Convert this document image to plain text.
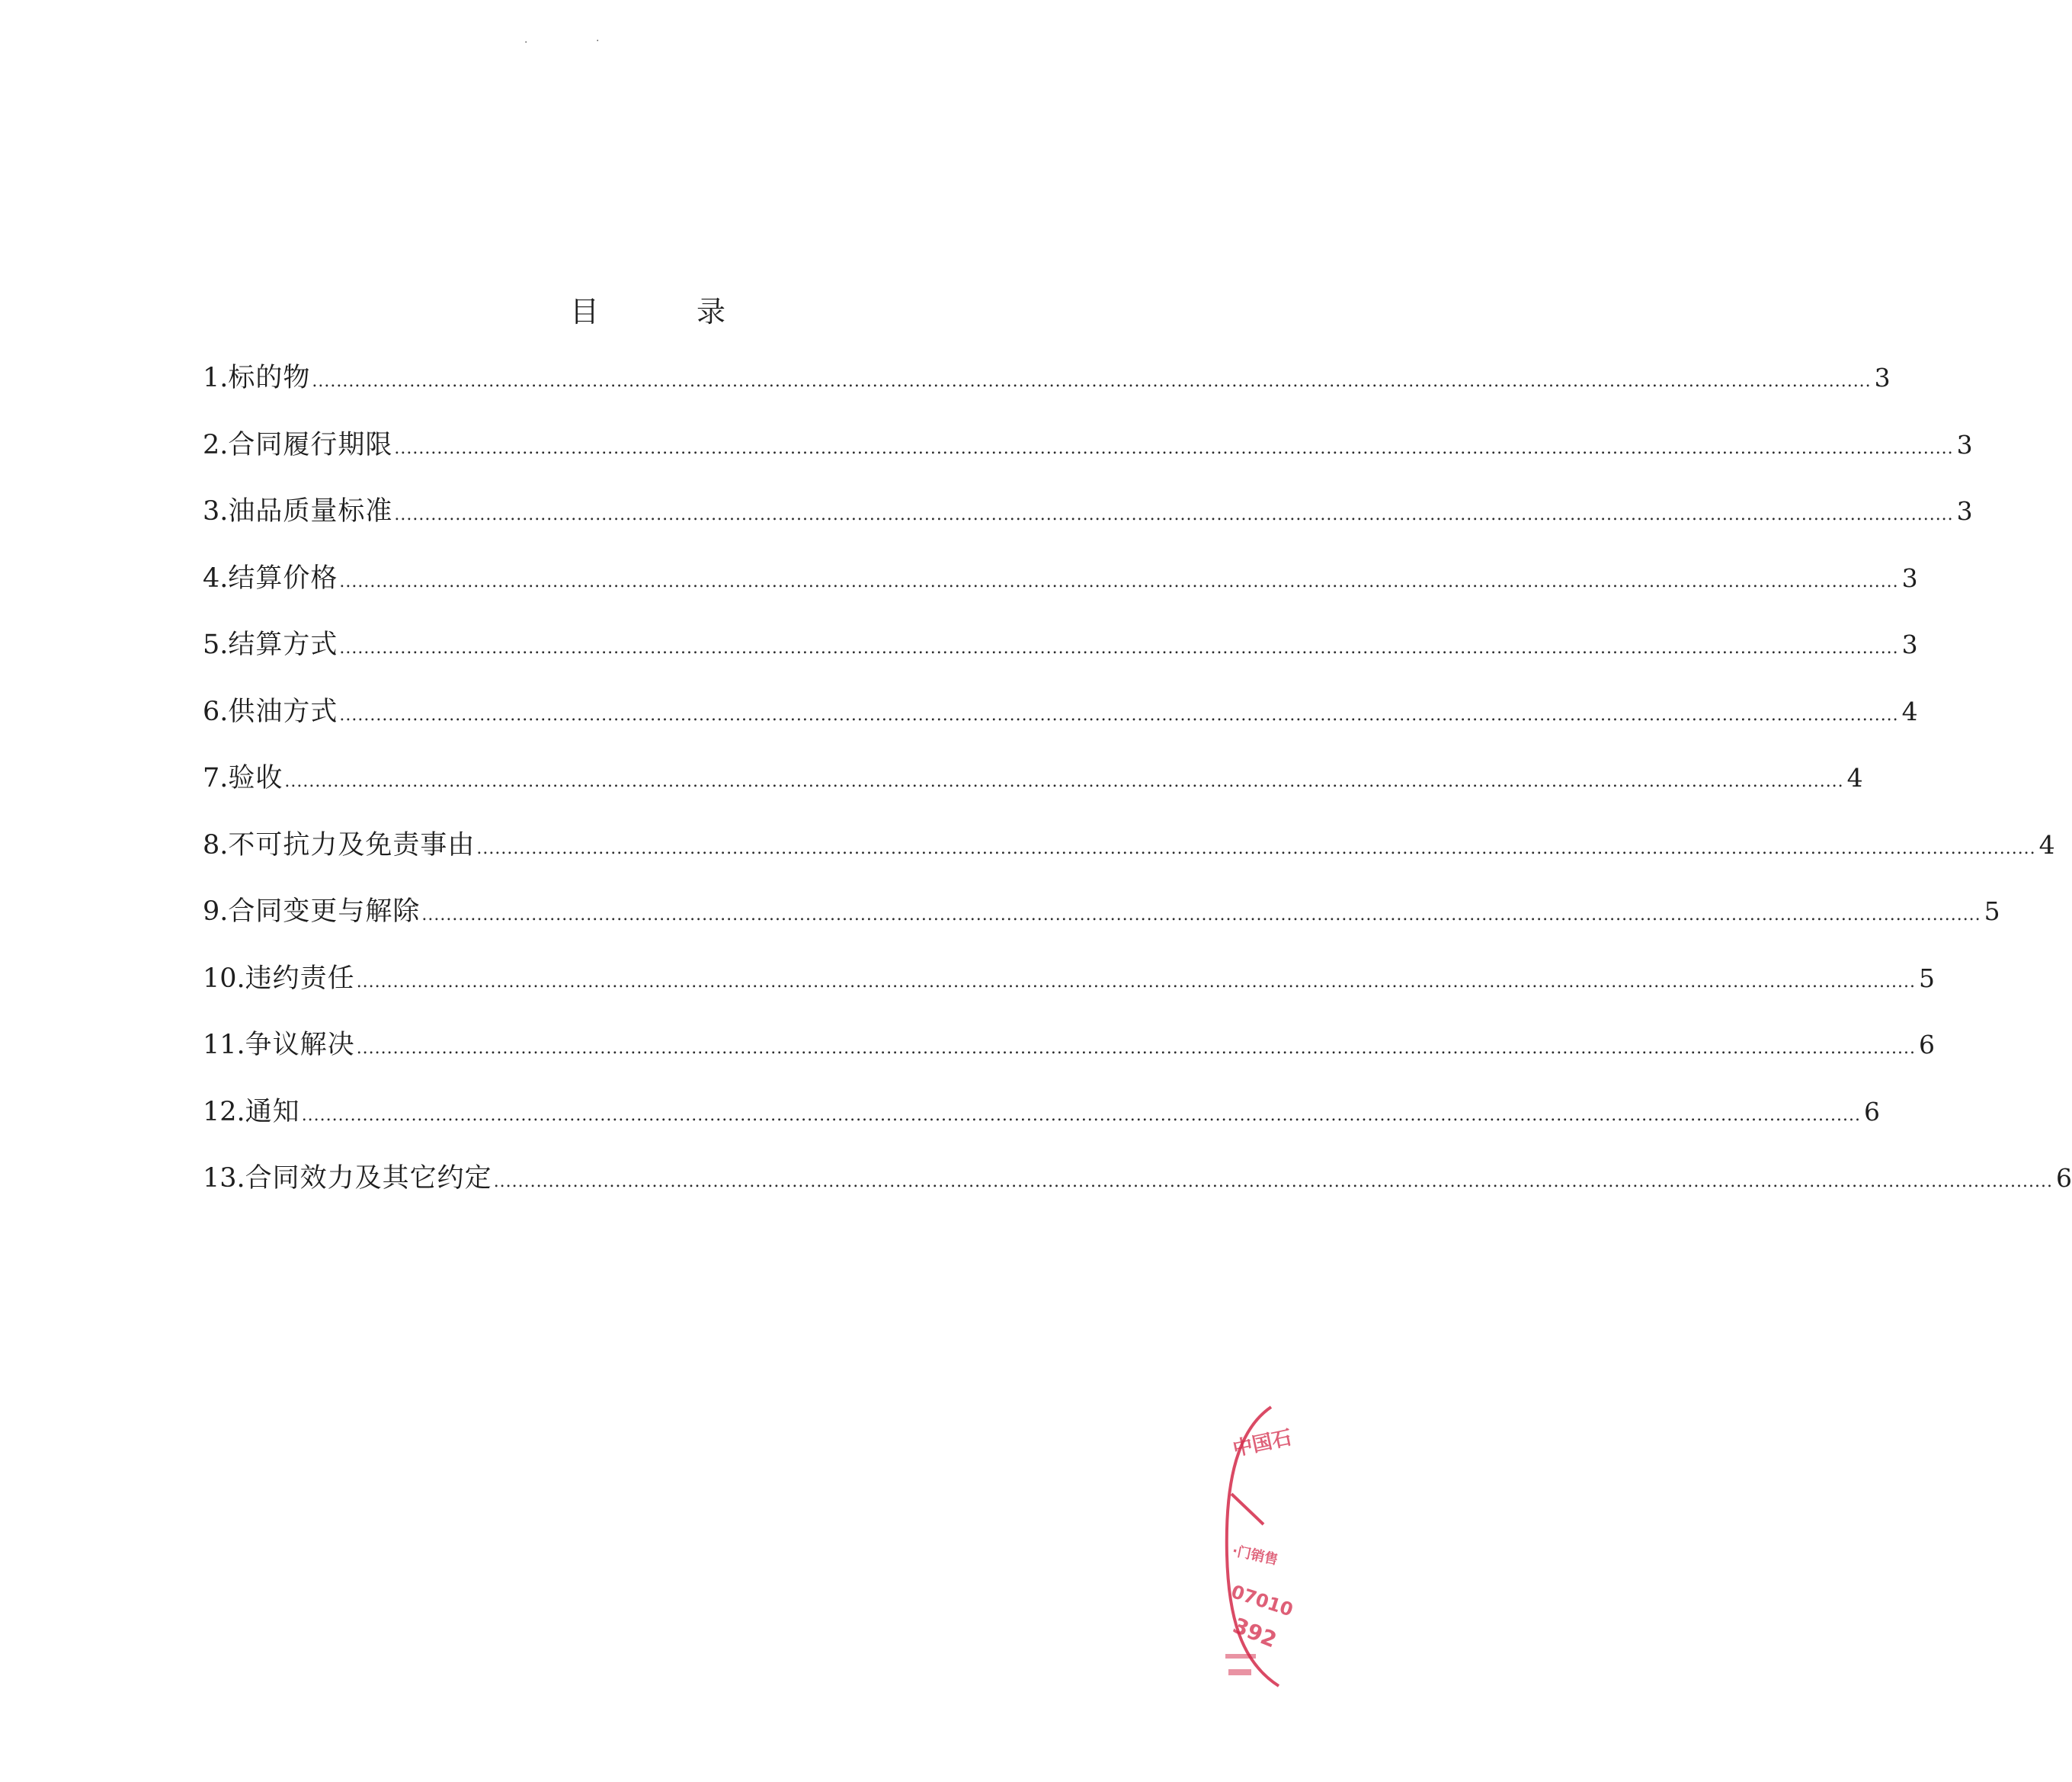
·	·
目 录
1. 标的物 .....	3
2. 合同履行期限 .....	3
3. 油品质量标准 .....	3
4. 结算价格 .....	3
5. 结算方式 .....	3
6. 供油方式 .....	4
7. 验收 .....	4
8. 不可抗力及免责事由 .....	4
9. 合同变更与解除 .....	5
10. 违约责任 .....	5
11. 争议解决 .....	6
12. 通知 .....	6
13. 合同效力及其它约定 .....	6
中国石
·门销售
07010
392
